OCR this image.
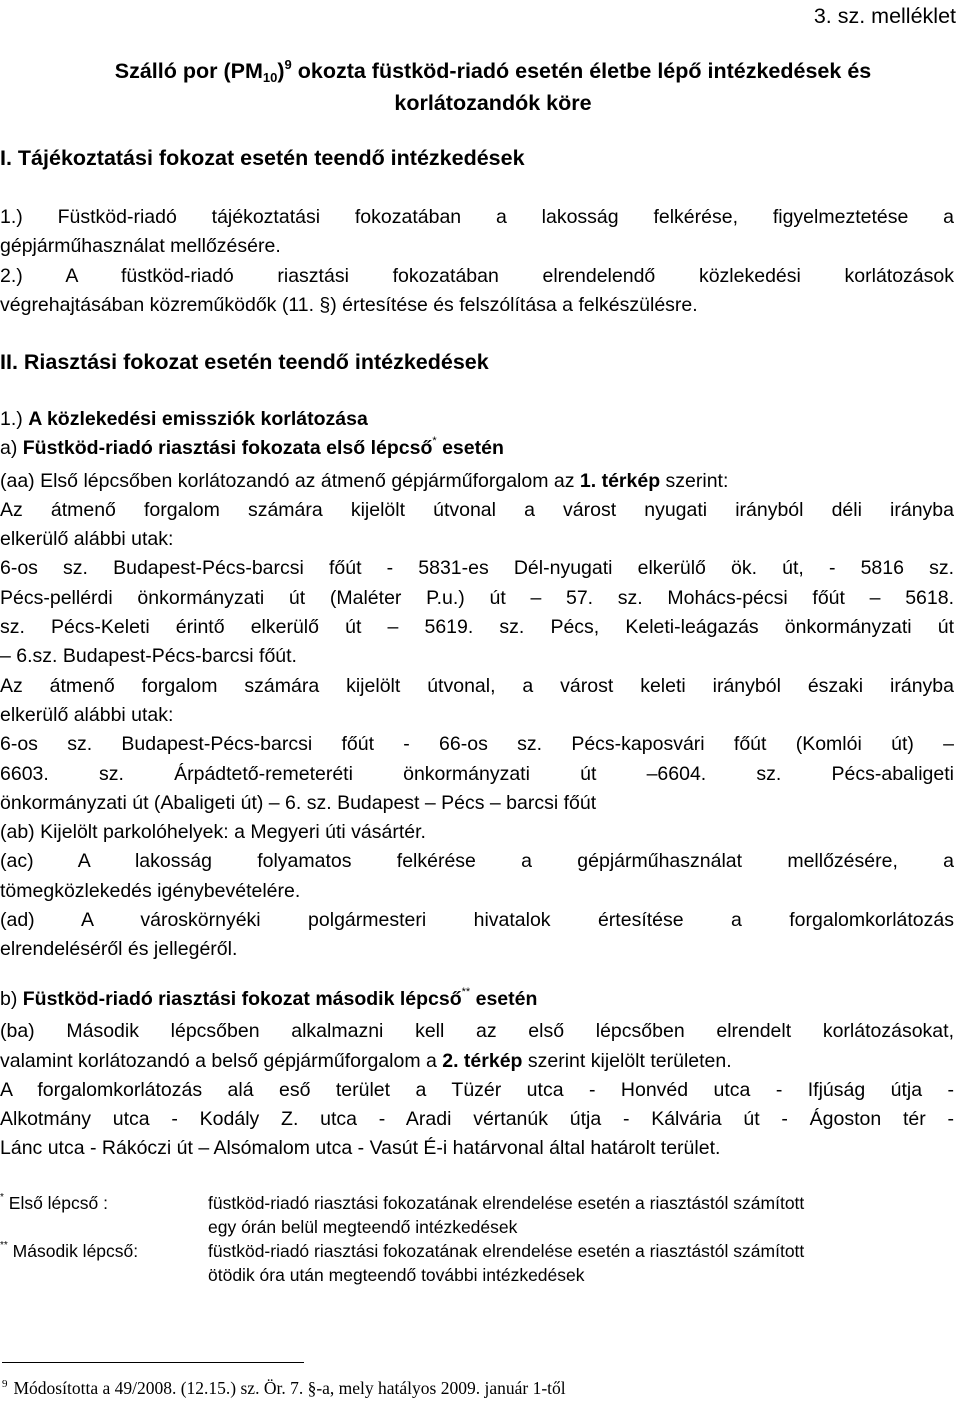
3. sz. melléklet
Szálló por $(PM_{10})^9$ okozta füstköd-riadó esetén életbe lépő intézkedések és
korlátozandók köre
I. Tájékoztatási fokozat esetén teendő intézkedések
1.) Füstköd-riadó tájékoztatási fokozatában a lakosság felkérése, figyelmeztetése a
gépjárműhasználat mellőzésére.
2.) A füstköd-riadó riasztási fokozatában elrendelendő közlekedési korlátozások
végrehajtásában közreműködők (11. §) értesítése és felszólítása a felkészülésre.
II. Riasztási fokozat esetén teendő intézkedések
1.) A közlekedési emissziók korlátozása
a) Füstköd-riadó riasztási fokozata első lépcső* esetén
(aa) Első lépcsőben korlátozandó az átmenő gépjárműforgalom az 1. térkép szerint:
Az átmenő forgalom számára kijelölt útvonal a várost nyugati irányból déli irányba
elkerülő alábbi utak:
6-os sz. Budapest-Pécs-barcsi főút - 5831-es Dél-nyugati elkerülő ök. út, - 5816 sz.
Pécs-pellérdi önkormányzati út (Maléter P.u.) út – 57. sz. Mohács-pécsi főút – 5618.
sz. Pécs-Keleti érintő elkerülő út – 5619. sz. Pécs, Keleti-leágazás önkormányzati út
– 6.sz. Budapest-Pécs-barcsi főút.
Az átmenő forgalom számára kijelölt útvonal, a várost keleti irányból északi irányba
elkerülő alábbi utak:
6-os sz. Budapest-Pécs-barcsi főút - 66-os sz. Pécs-kaposvári főút (Komlói út) –
6603. sz. Árpádtető-remeteréti önkormányzati út –6604. sz. Pécs-abaligeti
önkormányzati út (Abaligeti út) – 6. sz. Budapest – Pécs – barcsi főút
(ab) Kijelölt parkolóhelyek: a Megyeri úti vásártér.
(ac) A lakosság folyamatos felkérése a gépjárműhasználat mellőzésére, a
tömegközlekedés igénybevételére.
(ad) A városkörnyéki polgármesteri hivatalok értesítése a forgalomkorlátozás
elrendeléséről és jellegéről.
b) Füstköd-riadó riasztási fokozat második lépcső** esetén
(ba) Második lépcsőben alkalmazni kell az első lépcsőben elrendelt korlátozásokat,
valamint korlátozandó a belső gépjárműforgalom a 2. térkép szerint kijelölt területen.
A forgalomkorlátozás alá eső terület a Tüzér utca - Honvéd utca - Ifjúság útja -
Alkotmány utca - Kodály Z. utca - Aradi vértanúk útja - Kálvária út - Ágoston tér -
Lánc utca - Rákóczi út – Alsómalom utca - Vasút É-i határvonal által határolt terület.
* Első lépcső :	füstköd-riadó riasztási fokozatának elrendelése esetén a riasztástól számított
egy órán belül megteendő intézkedések
** Második lépcső:	füstköd-riadó riasztási fokozatának elrendelése esetén a riasztástól számított
ötödik óra után megteendő további intézkedések
$^9$ Módosította a 49/2008. (12.15.) sz. Ör. 7. §-a, mely hatályos 2009. január 1-től
